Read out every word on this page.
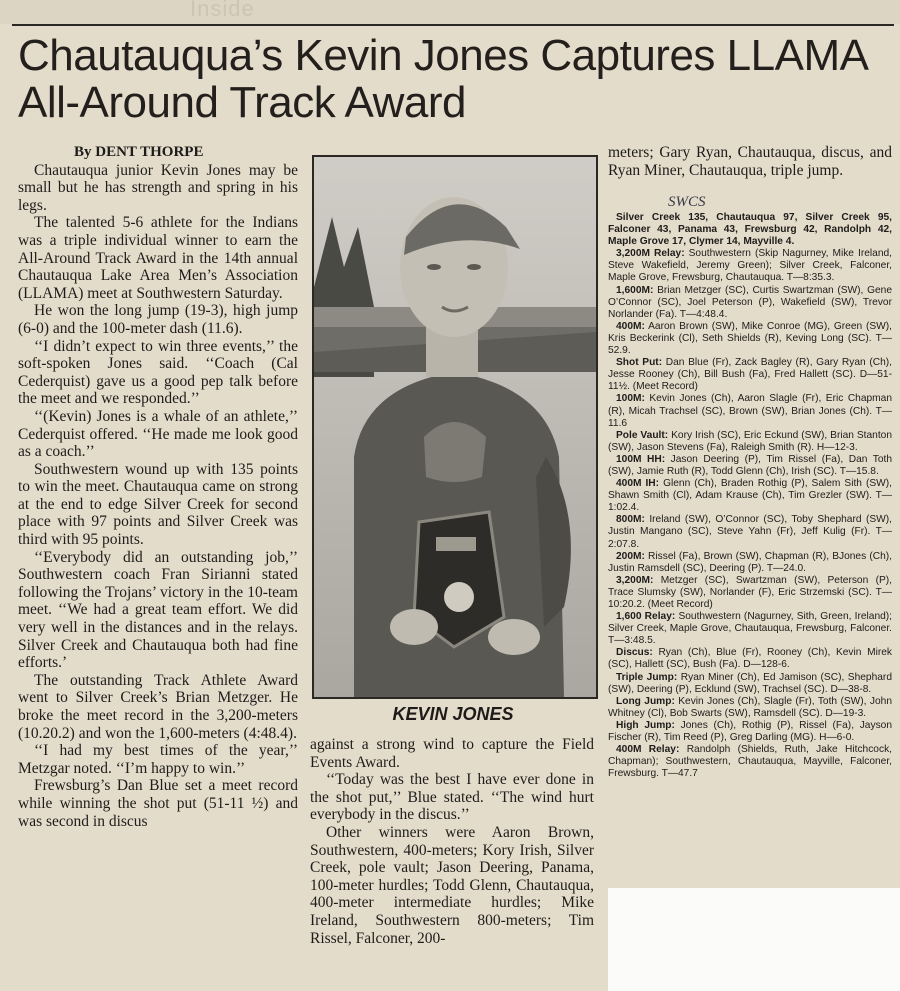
Inside
Chautauqua’s Kevin Jones Captures LLAMA All-Around Track Award

By DENT THORPE

Chautauqua junior Kevin Jones may be small but he has strength and spring in his legs.

The talented 5-6 athlete for the Indians was a triple individual winner to earn the All-Around Track Award in the 14th annual Chautauqua Lake Area Men’s Association (LLAMA) meet at Southwestern Saturday.

He won the long jump (19-3), high jump (6-0) and the 100-meter dash (11.6).

‘‘I didn’t expect to win three events,’’ the soft-spoken Jones said. ‘‘Coach (Cal Cederquist) gave us a good pep talk before the meet and we responded.’’

‘‘(Kevin) Jones is a whale of an athlete,’’ Cederquist offered. ‘‘He made me look good as a coach.’’

Southwestern wound up with 135 points to win the meet. Chautauqua came on strong at the end to edge Silver Creek for second place with 97 points and Silver Creek was third with 95 points.

‘‘Everybody did an outstanding job,’’ Southwestern coach Fran Sirianni stated following the Trojans’ victory in the 10-team meet. ‘‘We had a great team effort. We did very well in the distances and in the relays. Silver Creek and Chautauqua both had fine efforts.’

The outstanding Track Athlete Award went to Silver Creek’s Brian Metzger. He broke the meet record in the 3,200-meters (10.20.2) and won the 1,600-meters (4:48.4).

‘‘I had my best times of the year,’’ Metzgar noted. ‘‘I’m happy to win.’’

Frewsburg’s Dan Blue set a meet record while winning the shot put (51-11 ½) and was second in discus

KEVIN JONES

against a strong wind to capture the Field Events Award.

‘‘Today was the best I have ever done in the shot put,’’ Blue stated. ‘‘The wind hurt everybody in the discus.’’

Other winners were Aaron Brown, Southwestern, 400-meters; Kory Irish, Silver Creek, pole vault; Jason Deering, Panama, 100-meter hurdles; Todd Glenn, Chautauqua, 400-meter intermediate hurdles; Mike Ireland, Southwestern 800-meters; Tim Rissel, Falconer, 200-

meters; Gary Ryan, Chautauqua, discus, and Ryan Miner, Chautauqua, triple jump.

SWCS

Silver Creek 135, Chautauqua 97, Silver Creek 95, Falconer 43, Panama 43, Frewsburg 42, Randolph 42, Maple Grove 17, Clymer 14, Mayville 4.

3,200M Relay: Southwestern (Skip Nagurney, Mike Ireland, Steve Wakefield, Jeremy Green); Silver Creek, Falconer, Maple Grove, Frewsburg, Chautauqua. T—8:35.3.

1,600M: Brian Metzger (SC), Curtis Swartzman (SW), Gene O’Connor (SC), Joel Peterson (P), Wakefield (SW), Trevor Norlander (Fa). T—4:48.4.

400M: Aaron Brown (SW), Mike Conroe (MG), Green (SW), Kris Beckerink (Cl), Seth Shields (R), Keving Long (SC). T—52.9.

Shot Put: Dan Blue (Fr), Zack Bagley (R), Gary Ryan (Ch), Jesse Rooney (Ch), Bill Bush (Fa), Fred Hallett (SC). D—51-11½. (Meet Record)

100M: Kevin Jones (Ch), Aaron Slagle (Fr), Eric Chapman (R), Micah Trachsel (SC), Brown (SW), Brian Jones (Ch). T—11.6

Pole Vault: Kory Irish (SC), Eric Eckund (SW), Brian Stanton (SW), Jason Stevens (Fa), Raleigh Smith (R). H—12-3.

100M HH: Jason Deering (P), Tim Rissel (Fa), Dan Toth (SW), Jamie Ruth (R), Todd Glenn (Ch), Irish (SC). T—15.8.

400M IH: Glenn (Ch), Braden Rothig (P), Salem Sith (SW), Shawn Smith (Cl), Adam Krause (Ch), Tim Grezler (SW). T—1:02.4.

800M: Ireland (SW), O’Connor (SC), Toby Shephard (SW), Justin Mangano (SC), Steve Yahn (Fr), Jeff Kulig (Fr). T—2:07.8.

200M: Rissel (Fa), Brown (SW), Chapman (R), BJones (Ch), Justin Ramsdell (SC), Deering (P). T—24.0.

3,200M: Metzger (SC), Swartzman (SW), Peterson (P), Trace Slumsky (SW), Norlander (F), Eric Strzemski (SC). T—10:20.2. (Meet Record)

1,600 Relay: Southwestern (Nagurney, Sith, Green, Ireland); Silver Creek, Maple Grove, Chautauqua, Frewsburg, Falconer. T—3:48.5.

Discus: Ryan (Ch), Blue (Fr), Rooney (Ch), Kevin Mirek (SC), Hallett (SC), Bush (Fa). D—128-6.

Triple Jump: Ryan Miner (Ch), Ed Jamison (SC), Shephard (SW), Deering (P), Ecklund (SW), Trachsel (SC). D—38-8.

Long Jump: Kevin Jones (Ch), Slagle (Fr), Toth (SW), John Whitney (Cl), Bob Swarts (SW), Ramsdell (SC). D—19-3.

High Jump: Jones (Ch), Rothig (P), Rissel (Fa), Jayson Fischer (R), Tim Reed (P), Greg Darling (MG). H—6-0.

400M Relay: Randolph (Shields, Ruth, Jake Hitchcock, Chapman); Southwestern, Chautauqua, Mayville, Falconer, Frewsburg. T—47.7
